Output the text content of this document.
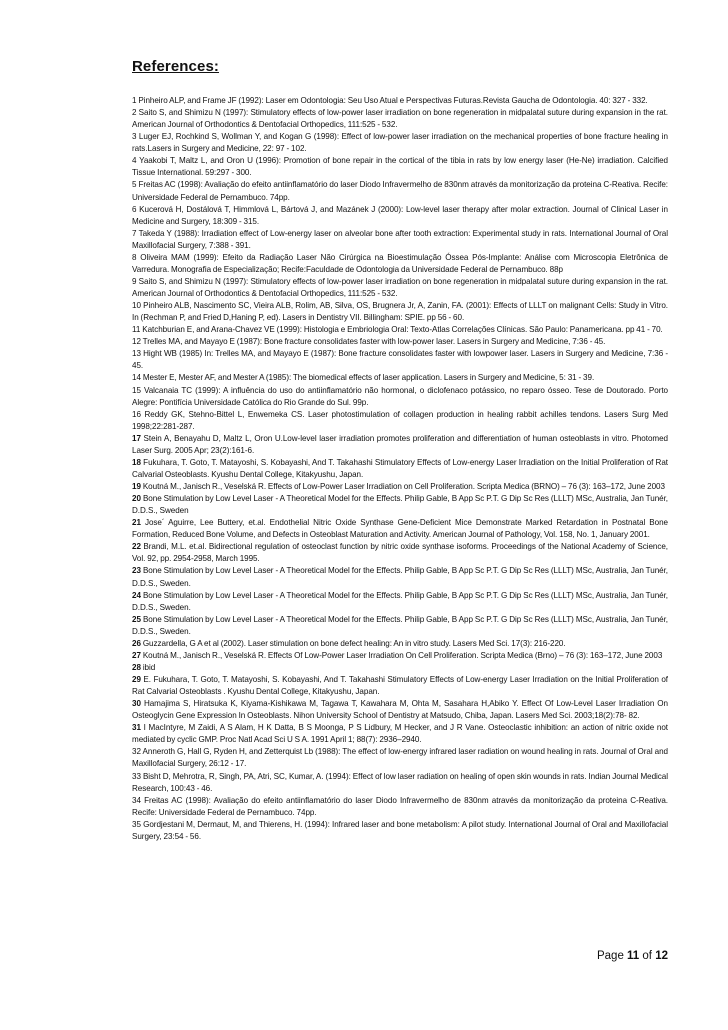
References:
1 Pinheiro ALP, and Frame JF (1992): Laser em Odontologia: Seu Uso Atual e Perspectivas Futuras.Revista Gaucha de Odontologia. 40: 327 - 332.
2 Saito S, and Shimizu N (1997): Stimulatory effects of low-power laser irradiation on bone regeneration in midpalatal suture during expansion in the rat. American Journal of Orthodontics & Dentofacial Orthopedics, 111:525 - 532.
3 Luger EJ, Rochkind S, Wollman Y, and Kogan G (1998): Effect of low-power laser irradiation on the mechanical properties of bone fracture healing in rats.Lasers in Surgery and Medicine, 22: 97 - 102.
4 Yaakobi T, Maltz L, and Oron U (1996): Promotion of bone repair in the cortical of the tibia in rats by low energy laser (He-Ne) irradiation. Calcified Tissue International. 59:297 - 300.
5 Freitas AC (1998): Avaliação do efeito antiinflamatório do laser Diodo Infravermelho de 830nm através da monitorização da proteina C-Reativa. Recife: Universidade Federal de Pernambuco. 74pp.
6 Kucerová H, Dostálová T, Himmlová L, Bártová J, and Mazánek J (2000): Low-level laser therapy after molar extraction. Journal of Clinical Laser in Medicine and Surgery, 18:309 - 315.
7 Takeda Y (1988): Irradiation effect of Low-energy laser on alveolar bone after tooth extraction: Experimental study in rats. International Journal of Oral Maxillofacial Surgery, 7:388 - 391.
8 Oliveira MAM (1999): Efeito da Radiação Laser Não Cirúrgica na Bioestimulação Óssea Pós-Implante: Análise com Microscopia Eletrônica de Varredura. Monografia de Especialização; Recife:Faculdade de Odontologia da Universidade Federal de Pernambuco. 88p
9 Saito S, and Shimizu N (1997): Stimulatory effects of low-power laser irradiation on bone regeneration in midpalatal suture during expansion in the rat. American Journal of Orthodontics & Dentofacial Orthopedics, 111:525 - 532.
10 Pinheiro ALB, Nascimento SC, Vieira ALB, Rolim, AB, Silva, OS, Brugnera Jr, A, Zanin, FA. (2001): Effects of LLLT on malignant Cells: Study in Vitro. In (Rechman P, and Fried D,Haning P, ed). Lasers in Dentistry VII. Billingham: SPIE. pp 56 - 60.
11 Katchburian E, and Arana-Chavez VE (1999): Histologia e Embriologia Oral: Texto-Atlas Correlações Clínicas. São Paulo: Panamericana. pp 41 - 70.
12 Trelles MA, and Mayayo E (1987): Bone fracture consolidates faster with low-power laser. Lasers in Surgery and Medicine, 7:36 - 45.
13 Hight WB (1985) In: Trelles MA, and Mayayo E (1987): Bone fracture consolidates faster with lowpower laser. Lasers in Surgery and Medicine, 7:36 - 45.
14 Mester E, Mester AF, and Mester A (1985): The biomedical effects of laser application. Lasers in Surgery and Medicine, 5: 31 - 39.
15 Valcanaia TC (1999): A influência do uso do antiinflamatório não hormonal, o diclofenaco potássico, no reparo ósseo. Tese de Doutorado. Porto Alegre: Pontifícia Universidade Católica do Rio Grande do Sul. 99p.
16 Reddy GK, Stehno-Bittel L, Enwemeka CS. Laser photostimulation of collagen production in healing rabbit achilles tendons. Lasers Surg Med 1998;22:281-287.
17 Stein A, Benayahu D, Maltz L, Oron U.Low-level laser irradiation promotes proliferation and differentiation of human osteoblasts in vitro. Photomed Laser Surg. 2005 Apr; 23(2):161-6.
18 Fukuhara, T. Goto, T. Matayoshi, S. Kobayashi, And T. Takahashi Stimulatory Effects of Low-energy Laser Irradiation on the Initial Proliferation of Rat Calvarial Osteoblasts. Kyushu Dental College, Kitakyushu, Japan.
19 Koutná M., Janisch R., Veselská R. Effects of Low-Power Laser Irradiation on Cell Proliferation. Scripta Medica (BRNO) – 76 (3): 163–172, June 2003
20 Bone Stimulation by Low Level Laser - A Theoretical Model for the Effects. Philip Gable, B App Sc P.T. G Dip Sc Res (LLLT) MSc, Australia, Jan Tunér, D.D.S., Sweden
21 Jose´ Aguirre, Lee Buttery, et.al. Endothelial Nitric Oxide Synthase Gene-Deficient Mice Demonstrate Marked Retardation in Postnatal Bone Formation, Reduced Bone Volume, and Defects in Osteoblast Maturation and Activity. American Journal of Pathology, Vol. 158, No. 1, January 2001.
22 Brandi, M.L. et.al. Bidirectional regulation of osteoclast function by nitric oxide synthase isoforms. Proceedings of the National Academy of Science, Vol. 92, pp. 2954-2958, March 1995.
23 Bone Stimulation by Low Level Laser - A Theoretical Model for the Effects. Philip Gable, B App Sc P.T. G Dip Sc Res (LLLT) MSc, Australia, Jan Tunér, D.D.S., Sweden.
24 Bone Stimulation by Low Level Laser - A Theoretical Model for the Effects. Philip Gable, B App Sc P.T. G Dip Sc Res (LLLT) MSc, Australia, Jan Tunér, D.D.S., Sweden.
25 Bone Stimulation by Low Level Laser - A Theoretical Model for the Effects. Philip Gable, B App Sc P.T. G Dip Sc Res (LLLT) MSc, Australia, Jan Tunér, D.D.S., Sweden.
26 Guzzardella, G A et al (2002). Laser stimulation on bone defect healing: An in vitro study. Lasers Med Sci. 17(3): 216-220.
27 Koutná M., Janisch R., Veselská R. Effects Of Low-Power Laser Irradiation On Cell Proliferation. Scripta Medica (Brno) – 76 (3): 163–172, June 2003
28 ibid
29 E. Fukuhara, T. Goto, T. Matayoshi, S. Kobayashi, And T. Takahashi Stimulatory Effects of Low-energy Laser Irradiation on the Initial Proliferation of Rat Calvarial Osteoblasts . Kyushu Dental College, Kitakyushu, Japan.
30 Hamajima S, Hiratsuka K, Kiyama-Kishikawa M, Tagawa T, Kawahara M, Ohta M, Sasahara H,Abiko Y. Effect Of Low-Level Laser Irradiation On Osteoglycin Gene Expression In Osteoblasts. Nihon University School of Dentistry at Matsudo, Chiba, Japan. Lasers Med Sci. 2003;18(2):78- 82.
31 I MacIntyre, M Zaidi, A S Alam, H K Datta, B S Moonga, P S Lidbury, M Hecker, and J R Vane. Osteoclastic inhibition: an action of nitric oxide not mediated by cyclic GMP. Proc Natl Acad Sci U S A. 1991 April 1; 88(7): 2936–2940.
32 Anneroth G, Hall G, Ryden H, and Zetterquist Lb (1988): The effect of low-energy infrared laser radiation on wound healing in rats. Journal of Oral and Maxillofacial Surgery, 26:12 - 17.
33 Bisht D, Mehrotra, R, Singh, PA, Atri, SC, Kumar, A. (1994): Effect of low laser radiation on healing of open skin wounds in rats. Indian Journal Medical Research, 100:43 - 46.
34 Freitas AC (1998): Avaliação do efeito antiinflamatório do laser Diodo Infravermelho de 830nm através da monitorização da proteina C-Reativa. Recife: Universidade Federal de Pernambuco. 74pp.
35 Gordjestani M, Dermaut, M, and Thierens, H. (1994): Infrared laser and bone metabolism: A pilot study. International Journal of Oral and Maxillofacial Surgery, 23:54 - 56.
Page 11 of 12
